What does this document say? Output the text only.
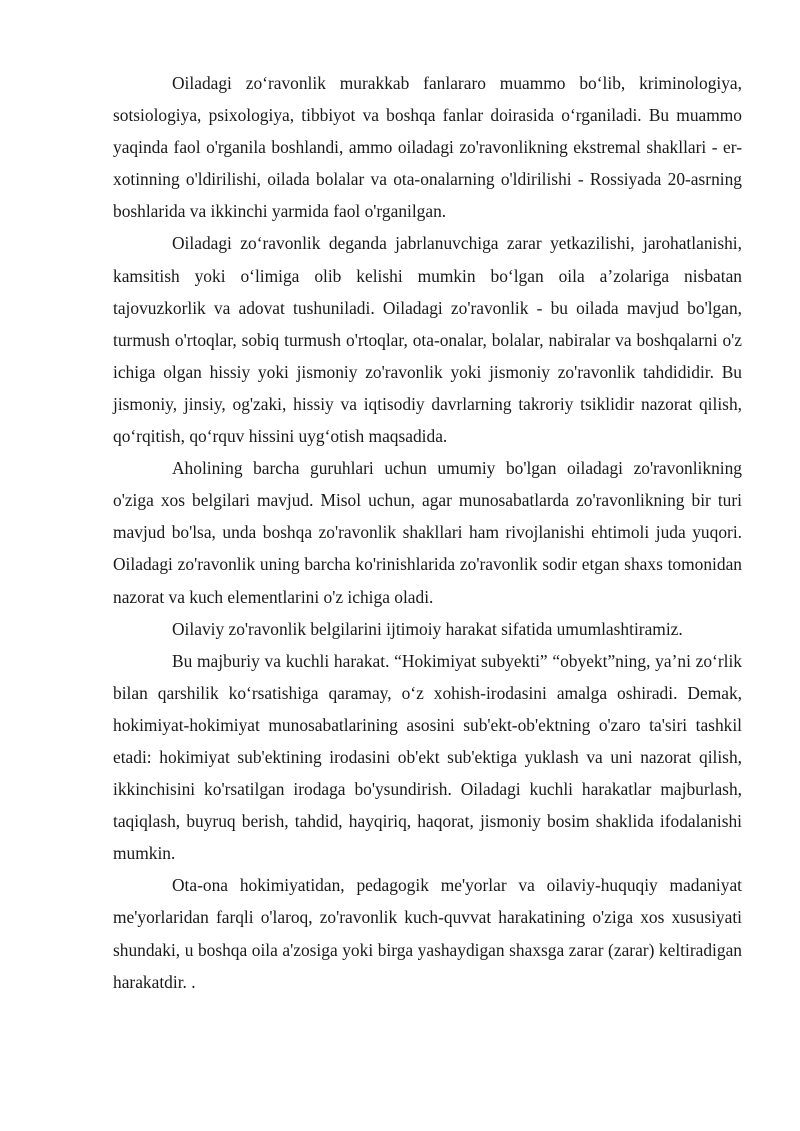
Oiladagi zo‘ravonlik murakkab fanlararo muammo bo‘lib, kriminologiya, sotsiologiya, psixologiya, tibbiyot va boshqa fanlar doirasida o‘rganiladi. Bu muammo yaqinda faol o'rganila boshlandi, ammo oiladagi zo'ravonlikning ekstremal shakllari - er-xotinning o'ldirilishi, oilada bolalar va ota-onalarning o'ldirilishi - Rossiyada 20-asrning boshlarida va ikkinchi yarmida faol o'rganilgan.

Oiladagi zo‘ravonlik deganda jabrlanuvchiga zarar yetkazilishi, jarohatlanishi, kamsitish yoki o‘limiga olib kelishi mumkin bo‘lgan oila a’zolariga nisbatan tajovuzkorlik va adovat tushuniladi. Oiladagi zo'ravonlik - bu oilada mavjud bo'lgan, turmush o'rtoqlar, sobiq turmush o'rtoqlar, ota-onalar, bolalar, nabiralar va boshqalarni o'z ichiga olgan hissiy yoki jismoniy zo'ravonlik yoki jismoniy zo'ravonlik tahdididir. Bu jismoniy, jinsiy, og'zaki, hissiy va iqtisodiy davrlarning takroriy tsiklidir nazorat qilish, qo‘rqitish, qo‘rquv hissini uyg‘otish maqsadida.

Aholining barcha guruhlari uchun umumiy bo'lgan oiladagi zo'ravonlikning o'ziga xos belgilari mavjud. Misol uchun, agar munosabatlarda zo'ravonlikning bir turi mavjud bo'lsa, unda boshqa zo'ravonlik shakllari ham rivojlanishi ehtimoli juda yuqori. Oiladagi zo'ravonlik uning barcha ko'rinishlarida zo'ravonlik sodir etgan shaxs tomonidan nazorat va kuch elementlarini o'z ichiga oladi.

Oilaviy zo'ravonlik belgilarini ijtimoiy harakat sifatida umumlashtiramiz.

Bu majburiy va kuchli harakat. “Hokimiyat subyekti” “obyekt”ning, ya’ni zo‘rlik bilan qarshilik ko‘rsatishiga qaramay, o‘z xohish-irodasini amalga oshiradi. Demak, hokimiyat-hokimiyat munosabatlarining asosini sub'ekt-ob'ektning o'zaro ta'siri tashkil etadi: hokimiyat sub'ektining irodasini ob'ekt sub'ektiga yuklash va uni nazorat qilish, ikkinchisini ko'rsatilgan irodaga bo'ysundirish. Oiladagi kuchli harakatlar majburlash, taqiqlash, buyruq berish, tahdid, hayqiriq, haqorat, jismoniy bosim shaklida ifodalanishi mumkin.

Ota-ona hokimiyatidan, pedagogik me'yorlar va oilaviy-huquqiy madaniyat me'yorlaridan farqli o'laroq, zo'ravonlik kuch-quvvat harakatining o'ziga xos xususiyati shundaki, u boshqa oila a'zosiga yoki birga yashaydigan shaxsga zarar (zarar) keltiradigan harakatdir. .
